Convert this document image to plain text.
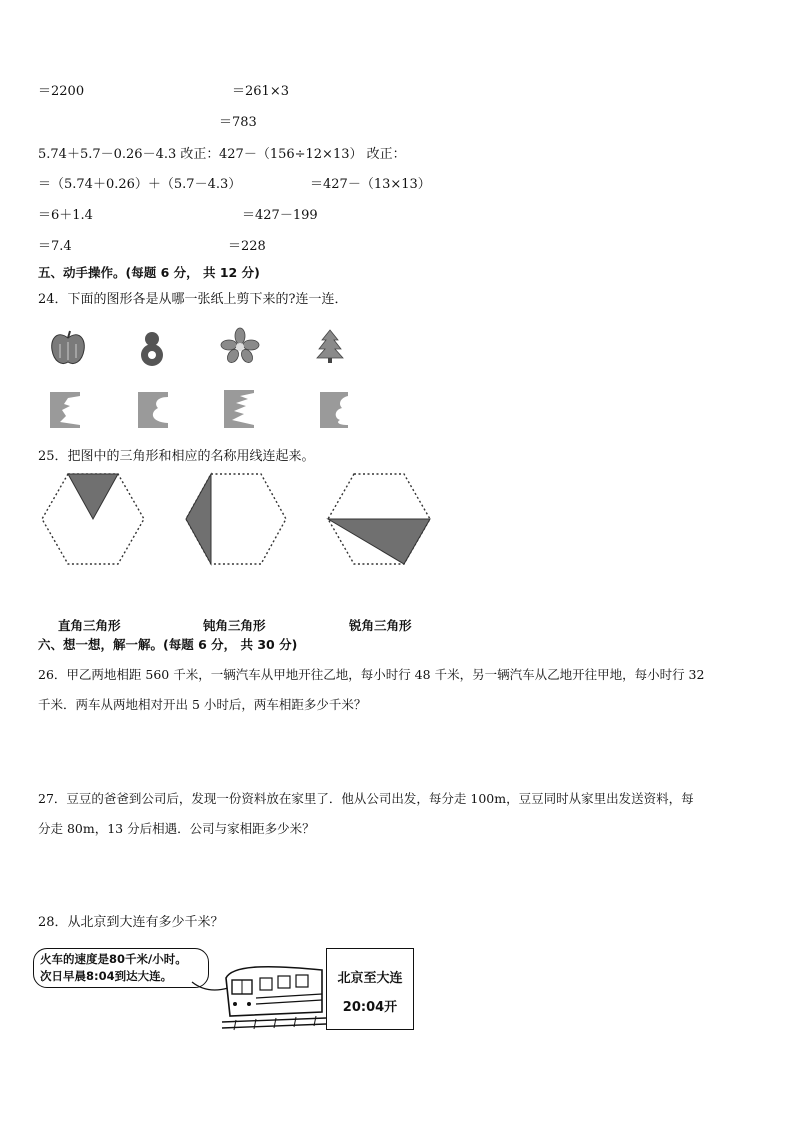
＝2200	＝261×3
＝783
5.74＋5.7－0.26－4.3 改正： 427－（156÷12×13） 改正：
＝（5.74＋0.26）＋（5.7－4.3）	＝427－（13×13）
＝6＋1.4	＝427－199
＝7.4	＝228
五、动手操作。(每题 6 分， 共 12 分)
24．下面的图形各是从哪一张纸上剪下来的?连一连．
25．把图中的三角形和相应的名称用线连起来。
直角三角形	钝角三角形	锐角三角形
六、想一想，解一解。(每题 6 分， 共 30 分)
26．甲乙两地相距 560 千米，一辆汽车从甲地开往乙地，每小时行 48 千米，另一辆汽车从乙地开往甲地，每小时行 32
千米．两车从两地相对开出 5 小时后，两车相距多少千米？
27．豆豆的爸爸到公司后，发现一份资料放在家里了．他从公司出发，每分走 100m，豆豆同时从家里出发送资料，每
分走 80m，13 分后相遇．公司与家相距多少米？
28．从北京到大连有多少千米？
火车的速度是80千米/小时。
次日早晨8:04到达大连。	北京至大连
20:04开
